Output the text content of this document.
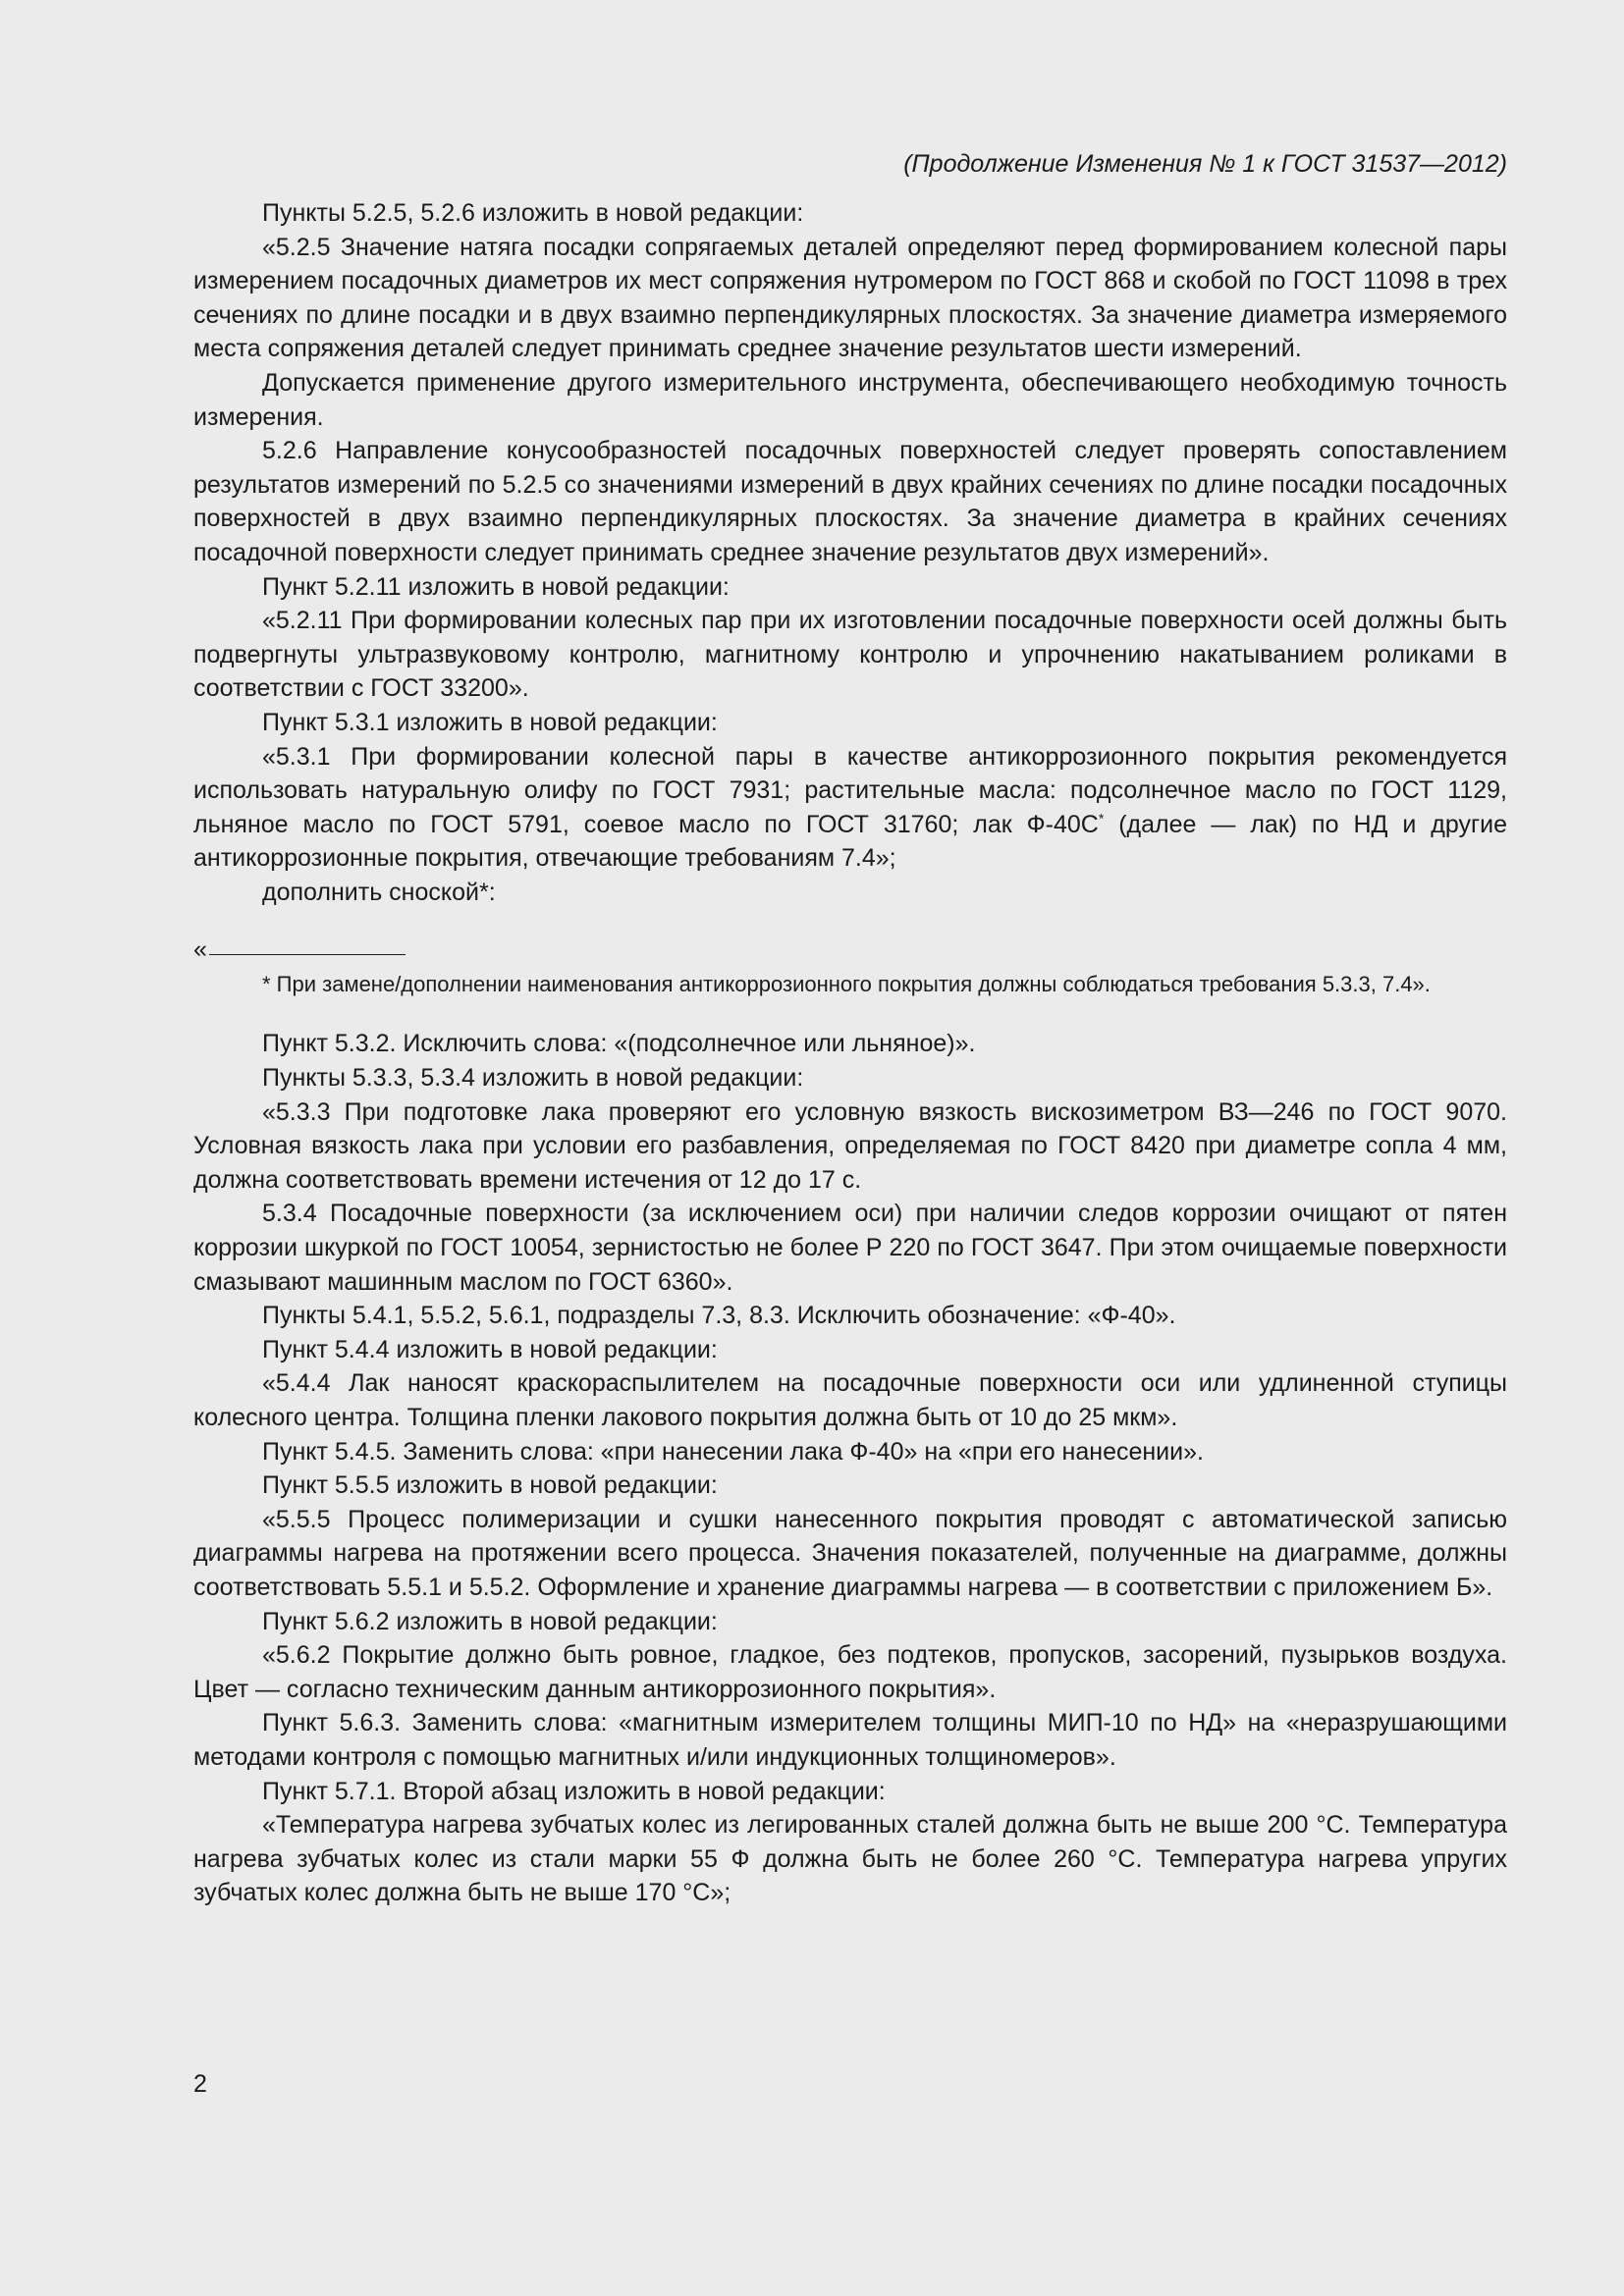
(Продолжение Изменения № 1 к ГОСТ 31537—2012)

Пункты 5.2.5, 5.2.6 изложить в новой редакции:

«5.2.5 Значение натяга посадки сопрягаемых деталей определяют перед формированием колесной пары измерением посадочных диаметров их мест сопряжения нутромером по ГОСТ 868 и скобой по ГОСТ 11098 в трех сечениях по длине посадки и в двух взаимно перпендикулярных плоскостях. За значение диаметра измеряемого места сопряжения деталей следует принимать среднее значение результатов шести измерений.

Допускается применение другого измерительного инструмента, обеспечивающего необходимую точность измерения.

5.2.6 Направление конусообразностей посадочных поверхностей следует проверять сопоставлением результатов измерений по 5.2.5 со значениями измерений в двух крайних сечениях по длине посадки посадочных поверхностей в двух взаимно перпендикулярных плоскостях. За значение диаметра в крайних сечениях посадочной поверхности следует принимать среднее значение результатов двух измерений».

Пункт 5.2.11 изложить в новой редакции:

«5.2.11 При формировании колесных пар при их изготовлении посадочные поверхности осей должны быть подвергнуты ультразвуковому контролю, магнитному контролю и упрочнению накатыванием роликами в соответствии с ГОСТ 33200».

Пункт 5.3.1 изложить в новой редакции:

«5.3.1 При формировании колесной пары в качестве антикоррозионного покрытия рекомендуется использовать натуральную олифу по ГОСТ 7931; растительные масла: подсолнечное масло по ГОСТ 1129, льняное масло по ГОСТ 5791, соевое масло по ГОСТ 31760; лак Ф-40С* (далее — лак) по НД и другие антикоррозионные покрытия, отвечающие требованиям 7.4»;

дополнить сноской*:

«

* При замене/дополнении наименования антикоррозионного покрытия должны соблюдаться требования 5.3.3, 7.4».

Пункт 5.3.2. Исключить слова: «(подсолнечное или льняное)».

Пункты 5.3.3, 5.3.4 изложить в новой редакции:

«5.3.3 При подготовке лака проверяют его условную вязкость вискозиметром ВЗ—246 по ГОСТ 9070. Условная вязкость лака при условии его разбавления, определяемая по ГОСТ 8420 при диаметре сопла 4 мм, должна соответствовать времени истечения от 12 до 17 с.

5.3.4 Посадочные поверхности (за исключением оси) при наличии следов коррозии очищают от пятен коррозии шкуркой по ГОСТ 10054, зернистостью не более Р 220 по ГОСТ 3647. При этом очищаемые поверхности смазывают машинным маслом по ГОСТ 6360».

Пункты 5.4.1, 5.5.2, 5.6.1, подразделы 7.3, 8.3. Исключить обозначение: «Ф-40».

Пункт 5.4.4 изложить в новой редакции:

«5.4.4 Лак наносят краскораспылителем на посадочные поверхности оси или удлиненной ступицы колесного центра. Толщина пленки лакового покрытия должна быть от 10 до 25 мкм».

Пункт 5.4.5. Заменить слова: «при нанесении лака Ф-40» на «при его нанесении».

Пункт 5.5.5 изложить в новой редакции:

«5.5.5 Процесс полимеризации и сушки нанесенного покрытия проводят с автоматической записью диаграммы нагрева на протяжении всего процесса. Значения показателей, полученные на диаграмме, должны соответствовать 5.5.1 и 5.5.2. Оформление и хранение диаграммы нагрева — в соответствии с приложением Б».

Пункт 5.6.2 изложить в новой редакции:

«5.6.2 Покрытие должно быть ровное, гладкое, без подтеков, пропусков, засорений, пузырьков воздуха. Цвет — согласно техническим данным антикоррозионного покрытия».

Пункт 5.6.3. Заменить слова: «магнитным измерителем толщины МИП-10 по НД» на «неразрушающими методами контроля с помощью магнитных и/или индукционных толщиномеров».

Пункт 5.7.1. Второй абзац изложить в новой редакции:

«Температура нагрева зубчатых колес из легированных сталей должна быть не выше 200 °С. Температура нагрева зубчатых колес из стали марки 55 Ф должна быть не более 260 °С. Температура нагрева упругих зубчатых колес должна быть не выше 170 °С»;

2
